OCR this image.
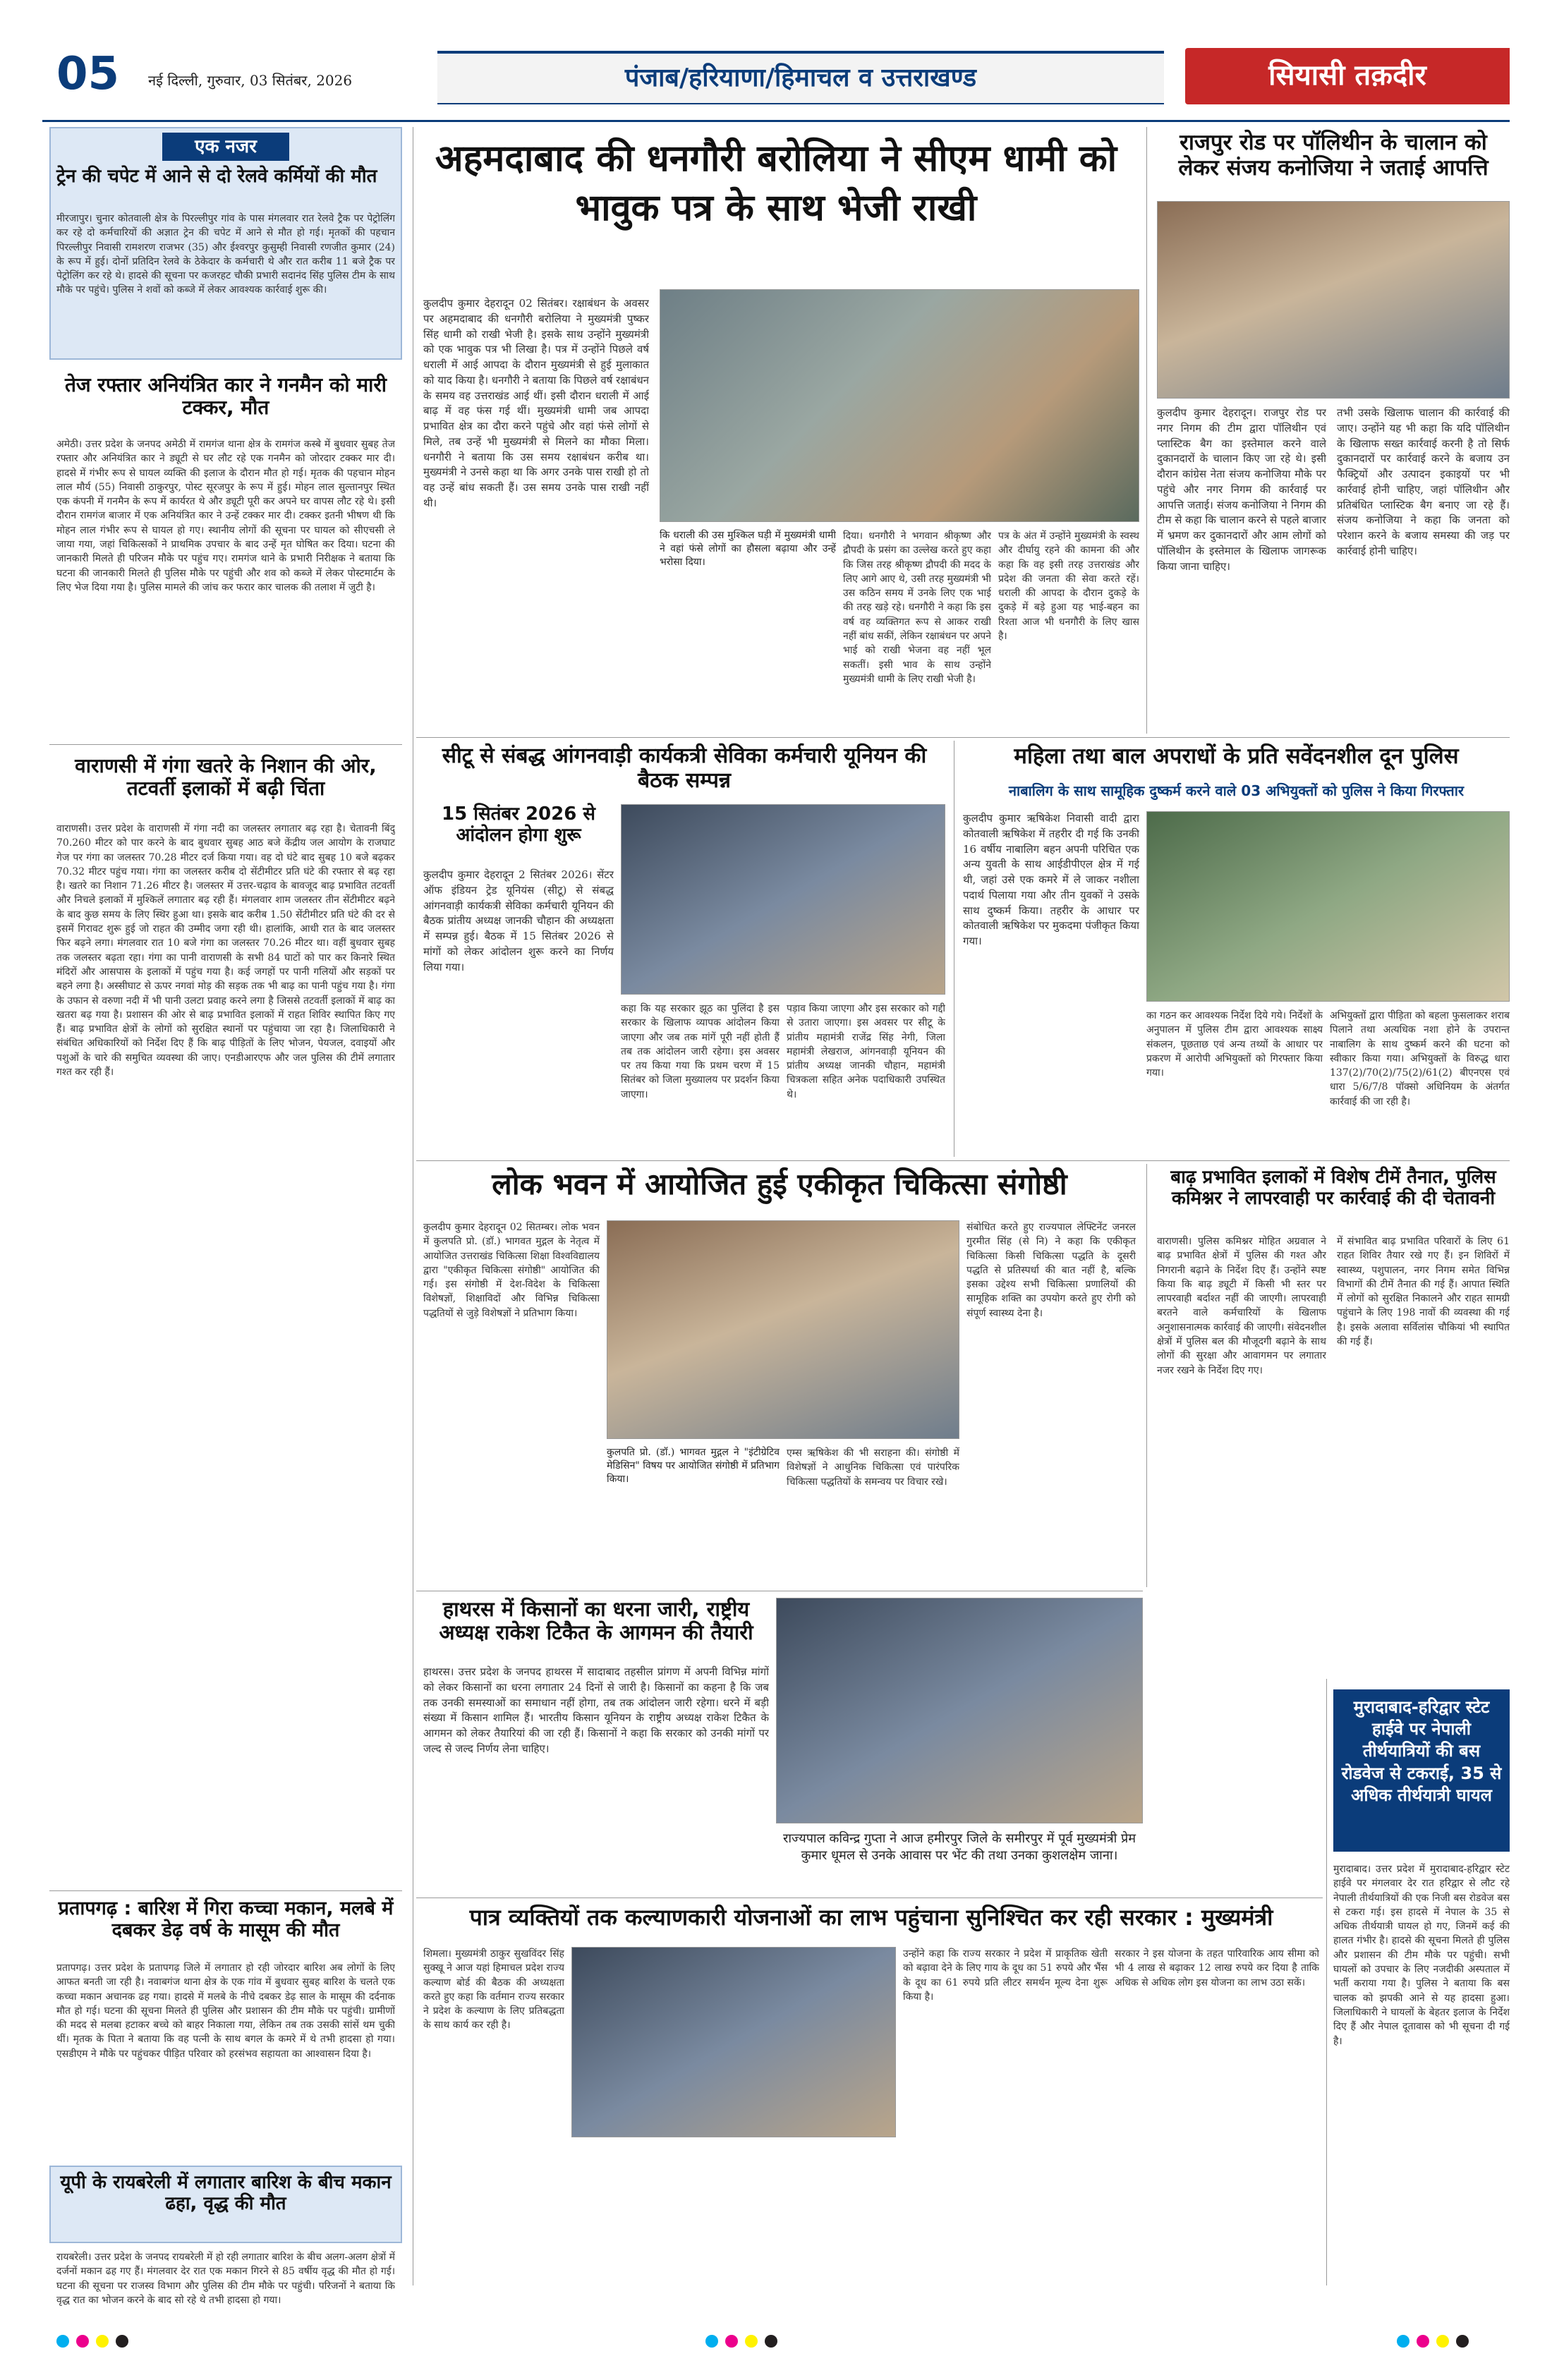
05 नई दिल्ली, गुरुवार, 03 सितंबर, 2026	पंजाब/हरियाणा/हिमाचल व उत्तराखण्ड	सियासी तक़दीर
एक नजर
ट्रेन की चपेट में आने से दो रेलवे कर्मियों की मौत
मीरजापुर। चुनार कोतवाली क्षेत्र के पिरल्लीपुर गांव के पास मंगलवार रात रेलवे ट्रैक पर पेट्रोलिंग कर रहे दो कर्मचारियों की अज्ञात ट्रेन की चपेट में आने से मौत हो गई। मृतकों की पहचान पिरल्लीपुर निवासी रामशरण राजभर (35) और ईश्वरपुर कुसुम्ही निवासी रणजीत कुमार (24) के रूप में हुई। दोनों प्रतिदिन रेलवे के ठेकेदार के कर्मचारी थे और रात करीब 11 बजे ट्रैक पर पेट्रोलिंग कर रहे थे। हादसे की सूचना पर कजरहट चौकी प्रभारी सदानंद सिंह पुलिस टीम के साथ मौके पर पहुंचे। पुलिस ने शवों को कब्जे में लेकर आवश्यक कार्रवाई शुरू की।
तेज रफ्तार अनियंत्रित कार ने गनमैन को मारी टक्कर, मौत
अमेठी। उत्तर प्रदेश के जनपद अमेठी में रामगंज थाना क्षेत्र के रामगंज कस्बे में बुधवार सुबह तेज रफ्तार और अनियंत्रित कार ने ड्यूटी से घर लौट रहे एक गनमैन को जोरदार टक्कर मार दी। हादसे में गंभीर रूप से घायल व्यक्ति की इलाज के दौरान मौत हो गई। मृतक की पहचान मोहन लाल मौर्य (55) निवासी ठाकुरपुर, पोस्ट सूरजपुर के रूप में हुई। मोहन लाल सुल्तानपुर स्थित एक कंपनी में गनमैन के रूप में कार्यरत थे और ड्यूटी पूरी कर अपने घर वापस लौट रहे थे। इसी दौरान रामगंज बाजार में एक अनियंत्रित कार ने उन्हें टक्कर मार दी। टक्कर इतनी भीषण थी कि मोहन लाल गंभीर रूप से घायल हो गए। स्थानीय लोगों की सूचना पर घायल को सीएचसी ले जाया गया, जहां चिकित्सकों ने प्राथमिक उपचार के बाद उन्हें मृत घोषित कर दिया। घटना की जानकारी मिलते ही परिजन मौके पर पहुंच गए। रामगंज थाने के प्रभारी निरीक्षक ने बताया कि घटना की जानकारी मिलते ही पुलिस मौके पर पहुंची और शव को कब्जे में लेकर पोस्टमार्टम के लिए भेज दिया गया है। पुलिस मामले की जांच कर फरार कार चालक की तलाश में जुटी है।
वाराणसी में गंगा खतरे के निशान की ओर, तटवर्ती इलाकों में बढ़ी चिंता
वाराणसी। उत्तर प्रदेश के वाराणसी में गंगा नदी का जलस्तर लगातार बढ़ रहा है। चेतावनी बिंदु 70.260 मीटर को पार करने के बाद बुधवार सुबह आठ बजे केंद्रीय जल आयोग के राजघाट गेज पर गंगा का जलस्तर 70.28 मीटर दर्ज किया गया। वह दो घंटे बाद सुबह 10 बजे बढ़कर 70.32 मीटर पहुंच गया। गंगा का जलस्तर करीब दो सेंटीमीटर प्रति घंटे की रफ्तार से बढ़ रहा है। खतरे का निशान 71.26 मीटर है। जलस्तर में उत्तर-चढ़ाव के बावजूद बाढ़ प्रभावित तटवर्ती और निचले इलाकों में मुश्किलें लगातार बढ़ रही हैं। मंगलवार शाम जलस्तर तीन सेंटीमीटर बढ़ने के बाद कुछ समय के लिए स्थिर हुआ था। इसके बाद करीब 1.50 सेंटीमीटर प्रति घंटे की दर से इसमें गिरावट शुरू हुई जो राहत की उम्मीद जगा रही थी। हालांकि, आधी रात के बाद जलस्तर फिर बढ़ने लगा। मंगलवार रात 10 बजे गंगा का जलस्तर 70.26 मीटर था। वहीं बुधवार सुबह तक जलस्तर बढ़ता रहा। गंगा का पानी वाराणसी के सभी 84 घाटों को पार कर किनारे स्थित मंदिरों और आसपास के इलाकों में पहुंच गया है। कई जगहों पर पानी गलियों और सड़कों पर बहने लगा है। अस्सीघाट से ऊपर नगवां मोड़ की सड़क तक भी बाढ़ का पानी पहुंच गया है। गंगा के उफान से वरुणा नदी में भी पानी उलटा प्रवाह करने लगा है जिससे तटवर्ती इलाकों में बाढ़ का खतरा बढ़ गया है। प्रशासन की ओर से बाढ़ प्रभावित इलाकों में राहत शिविर स्थापित किए गए हैं। बाढ़ प्रभावित क्षेत्रों के लोगों को सुरक्षित स्थानों पर पहुंचाया जा रहा है। जिलाधिकारी ने संबंधित अधिकारियों को निर्देश दिए हैं कि बाढ़ पीड़ितों के लिए भोजन, पेयजल, दवाइयों और पशुओं के चारे की समुचित व्यवस्था की जाए। एनडीआरएफ और जल पुलिस की टीमें लगातार गश्त कर रही हैं।
प्रतापगढ़ : बारिश में गिरा कच्चा मकान, मलबे में दबकर डेढ़ वर्ष के मासूम की मौत
प्रतापगढ़। उत्तर प्रदेश के प्रतापगढ़ जिले में लगातार हो रही जोरदार बारिश अब लोगों के लिए आफत बनती जा रही है। नवाबगंज थाना क्षेत्र के एक गांव में बुधवार सुबह बारिश के चलते एक कच्चा मकान अचानक ढह गया। हादसे में मलबे के नीचे दबकर डेढ़ साल के मासूम की दर्दनाक मौत हो गई। घटना की सूचना मिलते ही पुलिस और प्रशासन की टीम मौके पर पहुंची। ग्रामीणों की मदद से मलबा हटाकर बच्चे को बाहर निकाला गया, लेकिन तब तक उसकी सांसें थम चुकी थीं। मृतक के पिता ने बताया कि वह पत्नी के साथ बगल के कमरे में थे तभी हादसा हो गया। एसडीएम ने मौके पर पहुंचकर पीड़ित परिवार को हरसंभव सहायता का आश्वासन दिया है।
यूपी के रायबरेली में लगातार बारिश के बीच मकान ढहा, वृद्ध की मौत
रायबरेली। उत्तर प्रदेश के जनपद रायबरेली में हो रही लगातार बारिश के बीच अलग-अलग क्षेत्रों में दर्जनों मकान ढह गए हैं। मंगलवार देर रात एक मकान गिरने से 85 वर्षीय वृद्ध की मौत हो गई। घटना की सूचना पर राजस्व विभाग और पुलिस की टीम मौके पर पहुंची। परिजनों ने बताया कि वृद्ध रात का भोजन करने के बाद सो रहे थे तभी हादसा हो गया।
अहमदाबाद की धनगौरी बरोलिया ने सीएम धामी को भावुक पत्र के साथ भेजी राखी
कुलदीप कुमार देहरादून 02 सितंबर। रक्षाबंधन के अवसर पर अहमदाबाद की धनगौरी बरोलिया ने मुख्यमंत्री पुष्कर सिंह धामी को राखी भेजी है। इसके साथ उन्होंने मुख्यमंत्री को एक भावुक पत्र भी लिखा है। पत्र में उन्होंने पिछले वर्ष धराली में आई आपदा के दौरान मुख्यमंत्री से हुई मुलाकात को याद किया है। धनगौरी ने बताया कि पिछले वर्ष रक्षाबंधन के समय वह उत्तराखंड आई थीं। इसी दौरान धराली में आई बाढ़ में वह फंस गई थीं। मुख्यमंत्री धामी जब आपदा प्रभावित क्षेत्र का दौरा करने पहुंचे और वहां फंसे लोगों से मिले, तब उन्हें भी मुख्यमंत्री से मिलने का मौका मिला। धनगौरी ने बताया कि उस समय रक्षाबंधन करीब था। मुख्यमंत्री ने उनसे कहा था कि अगर उनके पास राखी हो तो वह उन्हें बांध सकती हैं। उस समय उनके पास राखी नहीं थी।
कि धराली की उस मुश्किल घड़ी में मुख्यमंत्री धामी ने वहां फंसे लोगों का हौसला बढ़ाया और उन्हें भरोसा दिया।
दिया। धनगौरी ने भगवान श्रीकृष्ण और द्रौपदी के प्रसंग का उल्लेख करते हुए कहा कि जिस तरह श्रीकृष्ण द्रौपदी की मदद के लिए आगे आए थे, उसी तरह मुख्यमंत्री भी उस कठिन समय में उनके लिए एक भाई की तरह खड़े रहे। धनगौरी ने कहा कि इस वर्ष वह व्यक्तिगत रूप से आकर राखी नहीं बांध सकीं, लेकिन रक्षाबंधन पर अपने भाई को राखी भेजना वह नहीं भूल सकतीं। इसी भाव के साथ उन्होंने मुख्यमंत्री धामी के लिए राखी भेजी है।
पत्र के अंत में उन्होंने मुख्यमंत्री के स्वस्थ और दीर्घायु रहने की कामना की और कहा कि वह इसी तरह उत्तराखंड और प्रदेश की जनता की सेवा करते रहें। धराली की आपदा के दौरान दुकड़े के दुकड़े में बड़े हुआ यह भाई-बहन का रिश्ता आज भी धनगौरी के लिए खास है।
राजपुर रोड पर पॉलिथीन के चालान को लेकर संजय कनोजिया ने जताई आपत्ति
कुलदीप कुमार देहरादून। राजपुर रोड पर नगर निगम की टीम द्वारा पॉलिथीन एवं प्लास्टिक बैग का इस्तेमाल करने वाले दुकानदारों के चालान किए जा रहे थे। इसी दौरान कांग्रेस नेता संजय कनोजिया मौके पर पहुंचे और नगर निगम की कार्रवाई पर आपत्ति जताई। संजय कनोजिया ने निगम की टीम से कहा कि चालान करने से पहले बाजार में भ्रमण कर दुकानदारों और आम लोगों को पॉलिथीन के इस्तेमाल के खिलाफ जागरूक किया जाना चाहिए।
तभी उसके खिलाफ चालान की कार्रवाई की जाए। उन्होंने यह भी कहा कि यदि पॉलिथीन के खिलाफ सख्त कार्रवाई करनी है तो सिर्फ दुकानदारों पर कार्रवाई करने के बजाय उन फैक्ट्रियों और उत्पादन इकाइयों पर भी कार्रवाई होनी चाहिए, जहां पॉलिथीन और प्रतिबंधित प्लास्टिक बैग बनाए जा रहे हैं। संजय कनोजिया ने कहा कि जनता को परेशान करने के बजाय समस्या की जड़ पर कार्रवाई होनी चाहिए।
सीटू से संबद्ध आंगनवाड़ी कार्यकत्री सेविका कर्मचारी यूनियन की बैठक सम्पन्न
15 सितंबर 2026 से आंदोलन होगा शुरू
कुलदीप कुमार देहरादून 2 सितंबर 2026। सेंटर ऑफ इंडियन ट्रेड यूनियंस (सीटू) से संबद्ध आंगनवाड़ी कार्यकत्री सेविका कर्मचारी यूनियन की बैठक प्रांतीय अध्यक्ष जानकी चौहान की अध्यक्षता में सम्पन्न हुई। बैठक में 15 सितंबर 2026 से मांगों को लेकर आंदोलन शुरू करने का निर्णय लिया गया।
कहा कि यह सरकार झूठ का पुलिंदा है इस सरकार के खिलाफ व्यापक आंदोलन किया जाएगा और जब तक मांगें पूरी नहीं होती हैं तब तक आंदोलन जारी रहेगा। इस अवसर पर तय किया गया कि प्रथम चरण में 15 सितंबर को जिला मुख्यालय पर प्रदर्शन किया जाएगा।
पड़ाव किया जाएगा और इस सरकार को गद्दी से उतारा जाएगा। इस अवसर पर सीटू के प्रांतीय महामंत्री राजेंद्र सिंह नेगी, जिला महामंत्री लेखराज, आंगनवाड़ी यूनियन की प्रांतीय अध्यक्ष जानकी चौहान, महामंत्री चित्रकला सहित अनेक पदाधिकारी उपस्थित थे।
महिला तथा बाल अपराधों के प्रति सवेंदनशील दून पुलिस
नाबालिग के साथ सामूहिक दुष्कर्म करने वाले 03 अभियुक्तों को पुलिस ने किया गिरफ्तार
कुलदीप कुमार ऋषिकेश निवासी वादी द्वारा कोतवाली ऋषिकेश में तहरीर दी गई कि उनकी 16 वर्षीय नाबालिग बहन अपनी परिचित एक अन्य युवती के साथ आईडीपीएल क्षेत्र में गई थी, जहां उसे एक कमरे में ले जाकर नशीला पदार्थ पिलाया गया और तीन युवकों ने उसके साथ दुष्कर्म किया। तहरीर के आधार पर कोतवाली ऋषिकेश पर मुकदमा पंजीकृत किया गया।
का गठन कर आवश्यक निर्देश दिये गये। निर्देशों के अनुपालन में पुलिस टीम द्वारा आवश्यक साक्ष्य संकलन, पूछताछ एवं अन्य तथ्यों के आधार पर प्रकरण में आरोपी अभियुक्तों को गिरफ्तार किया गया।
अभियुक्तों द्वारा पीड़िता को बहला फुसलाकर शराब पिलाने तथा अत्यधिक नशा होने के उपरान्त नाबालिग के साथ दुष्कर्म करने की घटना को स्वीकार किया गया। अभियुक्तों के विरुद्ध धारा 137(2)/70(2)/75(2)/61(2) बीएनएस एवं धारा 5/6/7/8 पॉक्सो अधिनियम के अंतर्गत कार्रवाई की जा रही है।
लोक भवन में आयोजित हुई एकीकृत चिकित्सा संगोष्ठी
कुलदीप कुमार देहरादून 02 सितम्बर। लोक भवन में कुलपति प्रो. (डॉ.) भागवत मुद्गल के नेतृत्व में आयोजित उत्तराखंड चिकित्सा शिक्षा विश्वविद्यालय द्वारा "एकीकृत चिकित्सा संगोष्ठी" आयोजित की गई। इस संगोष्ठी में देश-विदेश के चिकित्सा विशेषज्ञों, शिक्षाविदों और विभिन्न चिकित्सा पद्धतियों से जुड़े विशेषज्ञों ने प्रतिभाग किया।
कुलपति प्रो. (डॉ.) भागवत मुद्गल ने "इंटीग्रेटिव मेडिसिन" विषय पर आयोजित संगोष्ठी में प्रतिभाग किया।
एम्स ऋषिकेश की भी सराहना की। संगोष्ठी में विशेषज्ञों ने आधुनिक चिकित्सा एवं पारंपरिक चिकित्सा पद्धतियों के समन्वय पर विचार रखे।
संबोधित करते हुए राज्यपाल लेफ्टिनेंट जनरल गुरमीत सिंह (से नि) ने कहा कि एकीकृत चिकित्सा किसी चिकित्सा पद्धति के दूसरी पद्धति से प्रतिस्पर्धा की बात नहीं है, बल्कि इसका उद्देश्य सभी चिकित्सा प्रणालियों की सामूहिक शक्ति का उपयोग करते हुए रोगी को संपूर्ण स्वास्थ्य देना है।
बाढ़ प्रभावित इलाकों में विशेष टीमें तैनात, पुलिस कमिश्नर ने लापरवाही पर कार्रवाई की दी चेतावनी
वाराणसी। पुलिस कमिश्नर मोहित अग्रवाल ने बाढ़ प्रभावित क्षेत्रों में पुलिस की गश्त और निगरानी बढ़ाने के निर्देश दिए हैं। उन्होंने स्पष्ट किया कि बाढ़ ड्यूटी में किसी भी स्तर पर लापरवाही बर्दाश्त नहीं की जाएगी। लापरवाही बरतने वाले कर्मचारियों के खिलाफ अनुशासनात्मक कार्रवाई की जाएगी। संवेदनशील क्षेत्रों में पुलिस बल की मौजूदगी बढ़ाने के साथ लोगों की सुरक्षा और आवागमन पर लगातार नजर रखने के निर्देश दिए गए।
में संभावित बाढ़ प्रभावित परिवारों के लिए 61 राहत शिविर तैयार रखे गए हैं। इन शिविरों में स्वास्थ्य, पशुपालन, नगर निगम समेत विभिन्न विभागों की टीमें तैनात की गई हैं। आपात स्थिति में लोगों को सुरक्षित निकालने और राहत सामग्री पहुंचाने के लिए 198 नावों की व्यवस्था की गई है। इसके अलावा सर्विलांस चौकियां भी स्थापित की गई हैं।
हाथरस में किसानों का धरना जारी, राष्ट्रीय अध्यक्ष राकेश टिकैत के आगमन की तैयारी
हाथरस। उत्तर प्रदेश के जनपद हाथरस में सादाबाद तहसील प्रांगण में अपनी विभिन्न मांगों को लेकर किसानों का धरना लगातार 24 दिनों से जारी है। किसानों का कहना है कि जब तक उनकी समस्याओं का समाधान नहीं होगा, तब तक आंदोलन जारी रहेगा। धरने में बड़ी संख्या में किसान शामिल हैं। भारतीय किसान यूनियन के राष्ट्रीय अध्यक्ष राकेश टिकैत के आगमन को लेकर तैयारियां की जा रही हैं। किसानों ने कहा कि सरकार को उनकी मांगों पर जल्द से जल्द निर्णय लेना चाहिए।
राज्यपाल कविन्द्र गुप्ता ने आज हमीरपुर जिले के समीरपुर में पूर्व मुख्यमंत्री प्रेम कुमार धूमल से उनके आवास पर भेंट की तथा उनका कुशलक्षेम जाना।
मुरादाबाद-हरिद्वार स्टेट हाईवे पर नेपाली तीर्थयात्रियों की बस रोडवेज से टकराई, 35 से अधिक तीर्थयात्री घायल
मुरादाबाद। उत्तर प्रदेश में मुरादाबाद-हरिद्वार स्टेट हाईवे पर मंगलवार देर रात हरिद्वार से लौट रहे नेपाली तीर्थयात्रियों की एक निजी बस रोडवेज बस से टकरा गई। इस हादसे में नेपाल के 35 से अधिक तीर्थयात्री घायल हो गए, जिनमें कई की हालत गंभीर है। हादसे की सूचना मिलते ही पुलिस और प्रशासन की टीम मौके पर पहुंची। सभी घायलों को उपचार के लिए नजदीकी अस्पताल में भर्ती कराया गया है। पुलिस ने बताया कि बस चालक को झपकी आने से यह हादसा हुआ। जिलाधिकारी ने घायलों के बेहतर इलाज के निर्देश दिए हैं और नेपाल दूतावास को भी सूचना दी गई है।
पात्र व्यक्तियों तक कल्याणकारी योजनाओं का लाभ पहुंचाना सुनिश्चित कर रही सरकार : मुख्यमंत्री
शिमला। मुख्यमंत्री ठाकुर सुखविंदर सिंह सुक्खू ने आज यहां हिमाचल प्रदेश राज्य कल्याण बोर्ड की बैठक की अध्यक्षता करते हुए कहा कि वर्तमान राज्य सरकार ने प्रदेश के कल्याण के लिए प्रतिबद्धता के साथ कार्य कर रही है।
उन्होंने कहा कि राज्य सरकार ने प्रदेश में प्राकृतिक खेती को बढ़ावा देने के लिए गाय के दूध का 51 रुपये और भैंस के दूध का 61 रुपये प्रति लीटर समर्थन मूल्य देना शुरू किया है।
सरकार ने इस योजना के तहत पारिवारिक आय सीमा को भी 4 लाख से बढ़ाकर 12 लाख रुपये कर दिया है ताकि अधिक से अधिक लोग इस योजना का लाभ उठा सकें।
